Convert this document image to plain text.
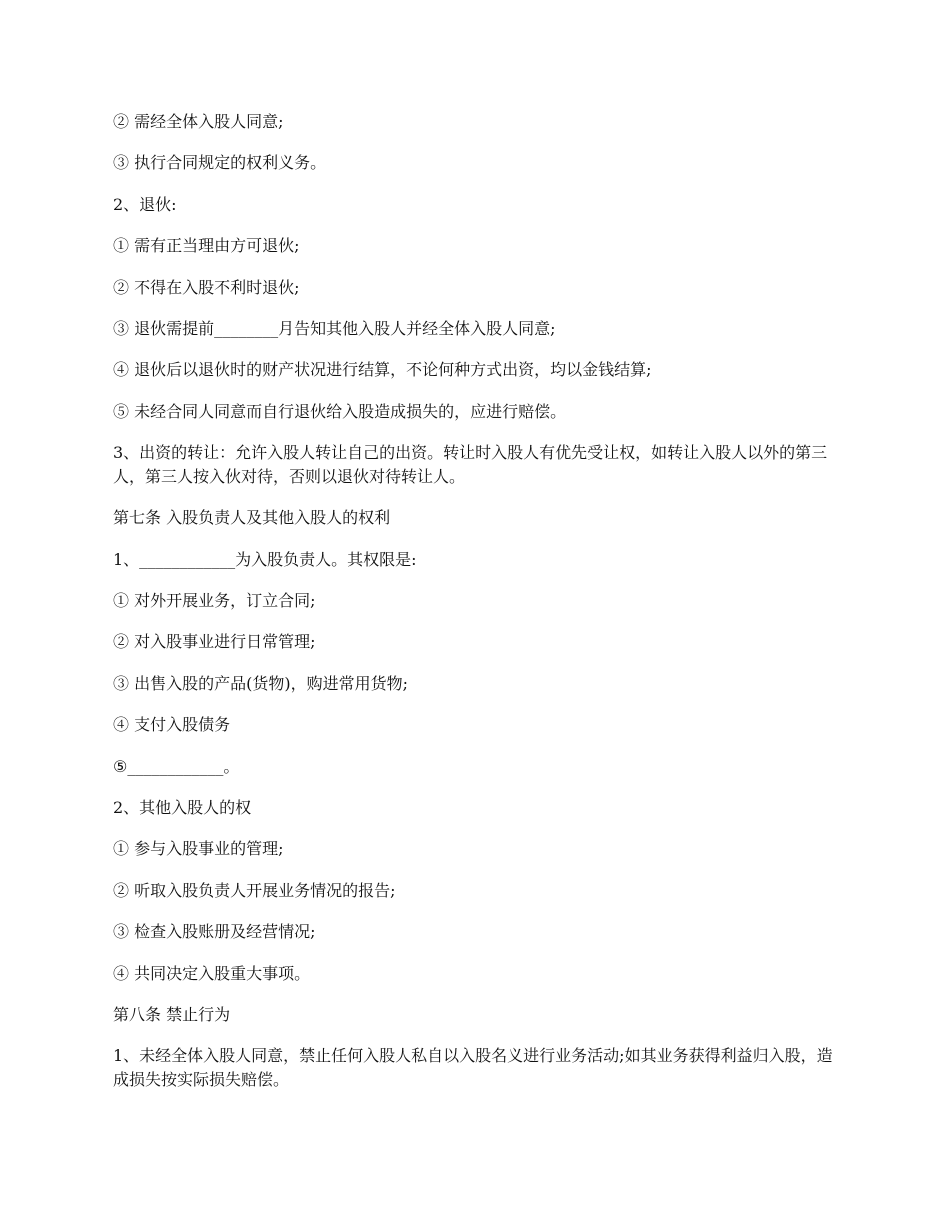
② 需经全体入股人同意;

③ 执行合同规定的权利义务。

2、退伙:

① 需有正当理由方可退伙;

② 不得在入股不利时退伙;

③ 退伙需提前________月告知其他入股人并经全体入股人同意;

④ 退伙后以退伙时的财产状况进行结算，不论何种方式出资，均以金钱结算;

⑤ 未经合同人同意而自行退伙给入股造成损失的，应进行赔偿。

3、出资的转让：允许入股人转让自己的出资。转让时入股人有优先受让权，如转让入股人以外的第三人，第三人按入伙对待，否则以退伙对待转让人。

第七条 入股负责人及其他入股人的权利

1、____________为入股负责人。其权限是:

① 对外开展业务，订立合同;

② 对入股事业进行日常管理;

③ 出售入股的产品(货物)，购进常用货物;

④ 支付入股债务

⑤____________。

2、其他入股人的权

① 参与入股事业的管理;

② 听取入股负责人开展业务情况的报告;

③ 检查入股账册及经营情况;

④ 共同决定入股重大事项。

第八条 禁止行为

1、未经全体入股人同意，禁止任何入股人私自以入股名义进行业务活动;如其业务获得利益归入股，造成损失按实际损失赔偿。
